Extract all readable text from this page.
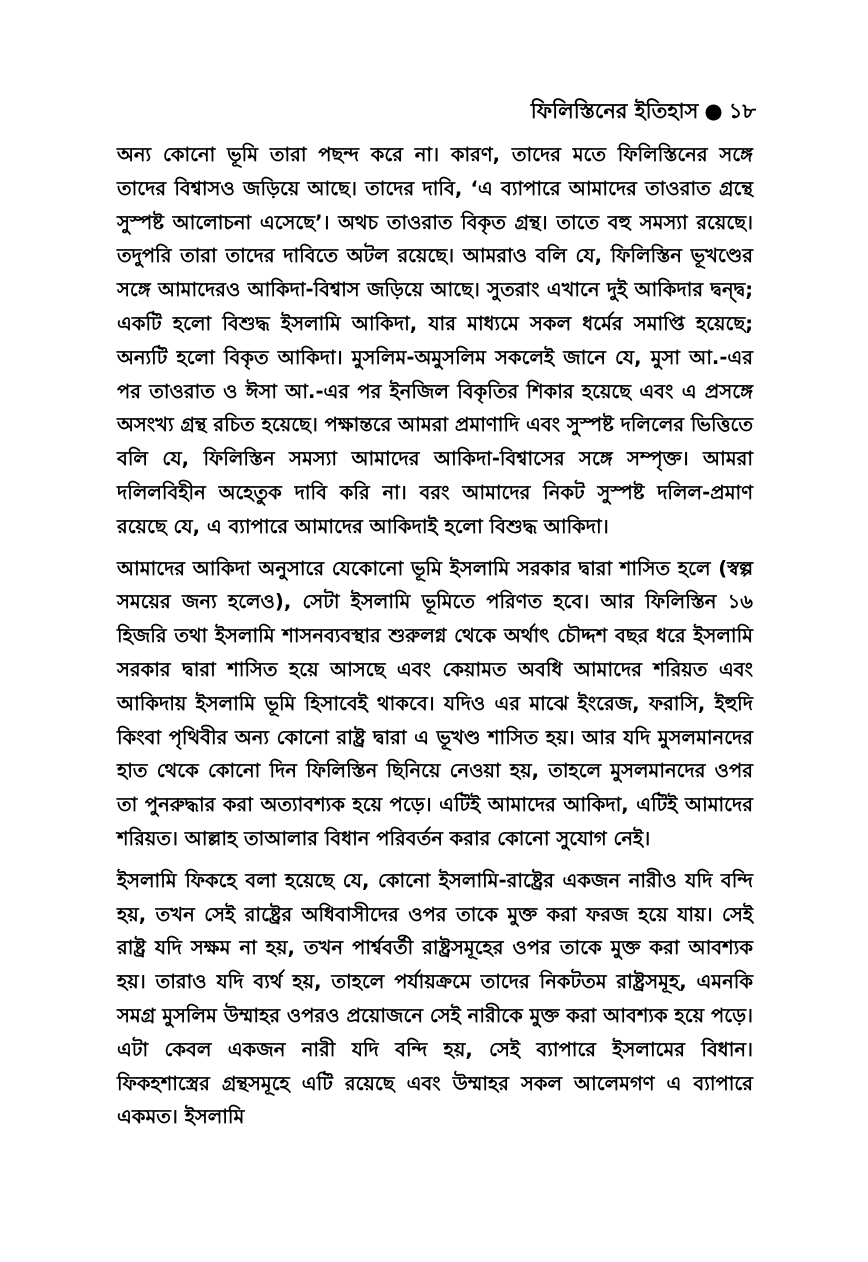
ফিলিস্তিনের ইতিহাস ● ১৮

অন্য কোনো ভূমি তারা পছন্দ করে না। কারণ, তাদের মতে ফিলিস্তিনের সঙ্গে তাদের বিশ্বাসও জড়িয়ে আছে। তাদের দাবি, ‘এ ব্যাপারে আমাদের তাওরাত গ্রন্থে সুস্পষ্ট আলোচনা এসেছে’। অথচ তাওরাত বিকৃত গ্রন্থ। তাতে বহু সমস্যা রয়েছে। তদুপরি তারা তাদের দাবিতে অটল রয়েছে। আমরাও বলি যে, ফিলিস্তিন ভূখণ্ডের সঙ্গে আমাদেরও আকিদা-বিশ্বাস জড়িয়ে আছে। সুতরাং এখানে দুই আকিদার দ্বন্দ্ব; একটি হলো বিশুদ্ধ ইসলামি আকিদা, যার মাধ্যমে সকল ধর্মের সমাপ্তি হয়েছে; অন্যটি হলো বিকৃত আকিদা। মুসলিম-অমুসলিম সকলেই জানে যে, মুসা আ.-এর পর তাওরাত ও ঈসা আ.-এর পর ইনজিল বিকৃতির শিকার হয়েছে এবং এ প্রসঙ্গে অসংখ্য গ্রন্থ রচিত হয়েছে। পক্ষান্তরে আমরা প্রমাণাদি এবং সুস্পষ্ট দলিলের ভিত্তিতে বলি যে, ফিলিস্তিন সমস্যা আমাদের আকিদা-বিশ্বাসের সঙ্গে সম্পৃক্ত। আমরা দলিলবিহীন অহেতুক দাবি করি না। বরং আমাদের নিকট সুস্পষ্ট দলিল-প্রমাণ রয়েছে যে, এ ব্যাপারে আমাদের আকিদাই হলো বিশুদ্ধ আকিদা।

আমাদের আকিদা অনুসারে যেকোনো ভূমি ইসলামি সরকার দ্বারা শাসিত হলে (স্বল্প সময়ের জন্য হলেও), সেটা ইসলামি ভূমিতে পরিণত হবে। আর ফিলিস্তিন ১৬ হিজরি তথা ইসলামি শাসনব্যবস্থার শুরুলগ্ন থেকে অর্থাৎ চৌদ্দশ বছর ধরে ইসলামি সরকার দ্বারা শাসিত হয়ে আসছে এবং কেয়ামত অবধি আমাদের শরিয়ত এবং আকিদায় ইসলামি ভূমি হিসাবেই থাকবে। যদিও এর মাঝে ইংরেজ, ফরাসি, ইহুদি কিংবা পৃথিবীর অন্য কোনো রাষ্ট্র দ্বারা এ ভূখণ্ড শাসিত হয়। আর যদি মুসলমানদের হাত থেকে কোনো দিন ফিলিস্তিন ছিনিয়ে নেওয়া হয়, তাহলে মুসলমানদের ওপর তা পুনরুদ্ধার করা অত্যাবশ্যক হয়ে পড়ে। এটিই আমাদের আকিদা, এটিই আমাদের শরিয়ত। আল্লাহ তাআলার বিধান পরিবর্তন করার কোনো সুযোগ নেই।

ইসলামি ফিকহে বলা হয়েছে যে, কোনো ইসলামি-রাষ্ট্রের একজন নারীও যদি বন্দি হয়, তখন সেই রাষ্ট্রের অধিবাসীদের ওপর তাকে মুক্ত করা ফরজ হয়ে যায়। সেই রাষ্ট্র যদি সক্ষম না হয়, তখন পার্শ্ববর্তী রাষ্ট্রসমূহের ওপর তাকে মুক্ত করা আবশ্যক হয়। তারাও যদি ব্যর্থ হয়, তাহলে পর্যায়ক্রমে তাদের নিকটতম রাষ্ট্রসমূহ, এমনকি সমগ্র মুসলিম উম্মাহর ওপরও প্রয়োজনে সেই নারীকে মুক্ত করা আবশ্যক হয়ে পড়ে। এটা কেবল একজন নারী যদি বন্দি হয়, সেই ব্যাপারে ইসলামের বিধান। ফিকহশাস্ত্রের গ্রন্থসমূহে এটি রয়েছে এবং উম্মাহর সকল আলেমগণ এ ব্যাপারে একমত। ইসলামি
